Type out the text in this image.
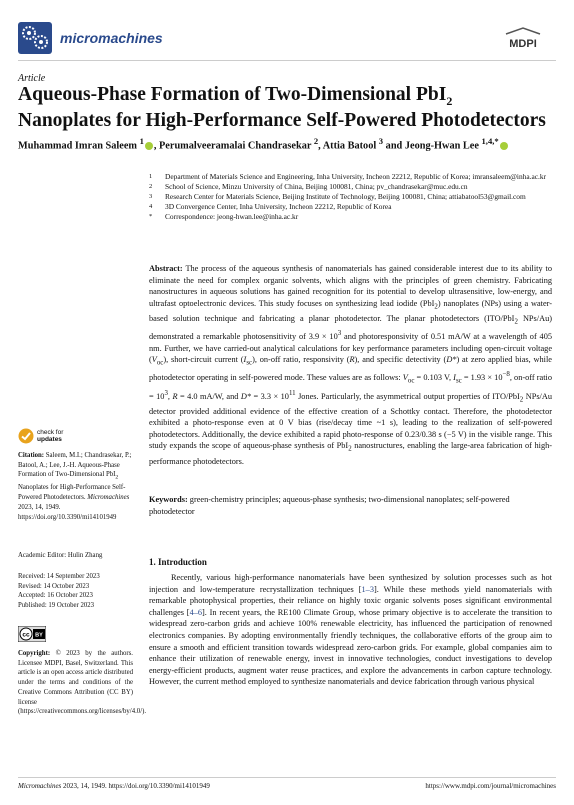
micromachines	MDPI
Article
Aqueous-Phase Formation of Two-Dimensional PbI$_2$
Nanoplates for High-Performance Self-Powered Photodetectors
Muhammad Imran Saleem $^1$ , Perumalveeramalai Chandrasekar $^2$, Attia Batool $^3$ and Jeong-Hwan Lee $^{1,4,*}$
1 Department of Materials Science and Engineering, Inha University, Incheon 22212, Republic of Korea; imransaleem@inha.ac.kr
2 School of Science, Minzu University of China, Beijing 100081, China; pv_chandrasekar@muc.edu.cn
3 Research Center for Materials Science, Beijing Institute of Technology, Beijing 100081, China; attiabatool53@gmail.com
4 3D Convergence Center, Inha University, Incheon 22212, Republic of Korea
* Correspondence: jeong-hwan.lee@inha.ac.kr

Abstract: The process of the aqueous synthesis of nanomaterials has gained considerable interest due to its ability to eliminate the need for complex organic solvents, which aligns with the principles of green chemistry. Fabricating nanostructures in aqueous solutions has gained recognition for its potential to develop ultrasensitive, low-energy, and ultrafast optoelectronic devices. This study focuses on synthesizing lead iodide (PbI$_2$) nanoplates (NPs) using a water-based solution technique and fabricating a planar photodetector. The planar photodetectors (ITO/PbI$_2$ NPs/Au) demonstrated a remarkable photosensitivity of $3.9 \times 10^3$ and photoresponsivity of 0.51 mA/W at a wavelength of 405 nm. Further, we have carried-out analytical calculations for key performance parameters including open-circuit voltage $(V_{oc})$, short-circuit current $(I_{sc})$, on-off ratio, responsivity (R), and specific detectivity (D*) at zero applied bias, while photodetector operating in self-powered mode. These values are as follows: $V_{oc} = 0.103$ V, $I_{sc} = 1.93 \times 10^{-8}$, on-off ratio = $10^3$, R = 4.0 mA/W, and $D* = 3.3 \times 10^{11}$ Jones. Particularly, the asymmetrical output properties of ITO/PbI$_2$ NPs/Au detector provided additional evidence of the effective creation of a Schottky contact. Therefore, the photodetector exhibited a photo-response even at 0 V bias (rise/decay time ~1 s), leading to the realization of self-powered photodetectors. Additionally, the device exhibited a rapid photo-response of 0.23/0.38 s (−5 V) in the visible range. This study expands the scope of aqueous-phase synthesis of PbI$_2$ nanostructures, enabling the large-area fabrication of high-performance photodetectors.

Keywords: green-chemistry principles; aqueous-phase synthesis; two-dimensional nanoplates; self-powered photodetector

check for
updates
Citation: Saleem, M.I.; Chandrasekar, P.; Batool, A.; Lee, J.-H. Aqueous-Phase Formation of Two-Dimensional PbI$_2$ Nanoplates for High-Performance Self-Powered Photodetectors. Micromachines 2023, 14, 1949. https://doi.org/10.3390/mi14101949
Academic Editor: Hulin Zhang
Received: 14 September 2023
Revised: 14 October 2023
Accepted: 16 October 2023
Published: 19 October 2023
cc BY
Copyright: © 2023 by the authors. Licensee MDPI, Basel, Switzerland. This article is an open access article distributed under the terms and conditions of the Creative Commons Attribution (CC BY) license (https://creativecommons.org/licenses/by/4.0/).
1. Introduction

Recently, various high-performance nanomaterials have been synthesized by solution processes such as hot injection and low-temperature recrystallization techniques [1–3]. While these methods yield nanomaterials with remarkable photophysical properties, their reliance on highly toxic organic solvents poses significant environmental challenges [4–6]. In recent years, the RE100 Climate Group, whose primary objective is to accelerate the transition to widespread zero-carbon grids and achieve 100% renewable electricity, has influenced the participation of renowned electronics companies. By adopting environmentally friendly techniques, the collaborative efforts of the group aim to ensure a smooth and efficient transition towards widespread zero-carbon grids. For example, global companies aim to enhance their utilization of renewable energy, invest in innovative technologies, conduct investigations to develop energy-efficient products, augment water reuse practices, and explore the advancements in carbon capture technology. However, the current method employed to synthesize nanomaterials and device fabrication through various physical

Micromachines 2023, 14, 1949. https://doi.org/10.3390/mi14101949	https://www.mdpi.com/journal/micromachines
